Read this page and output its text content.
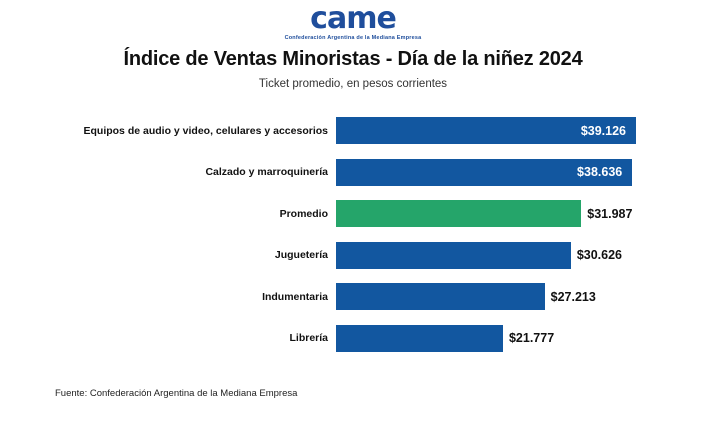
came
Confederación Argentina de la Mediana Empresa
Índice de Ventas Minoristas - Día de la niñez 2024
Ticket promedio, en pesos corrientes
Equipos de audio y video, celulares y accesorios	$39.126
Calzado y marroquinería	$38.636
Promedio	$31.987
Juguetería	$30.626
Indumentaria	$27.213
Librería	$21.777
Fuente: Confederación Argentina de la Mediana Empresa
